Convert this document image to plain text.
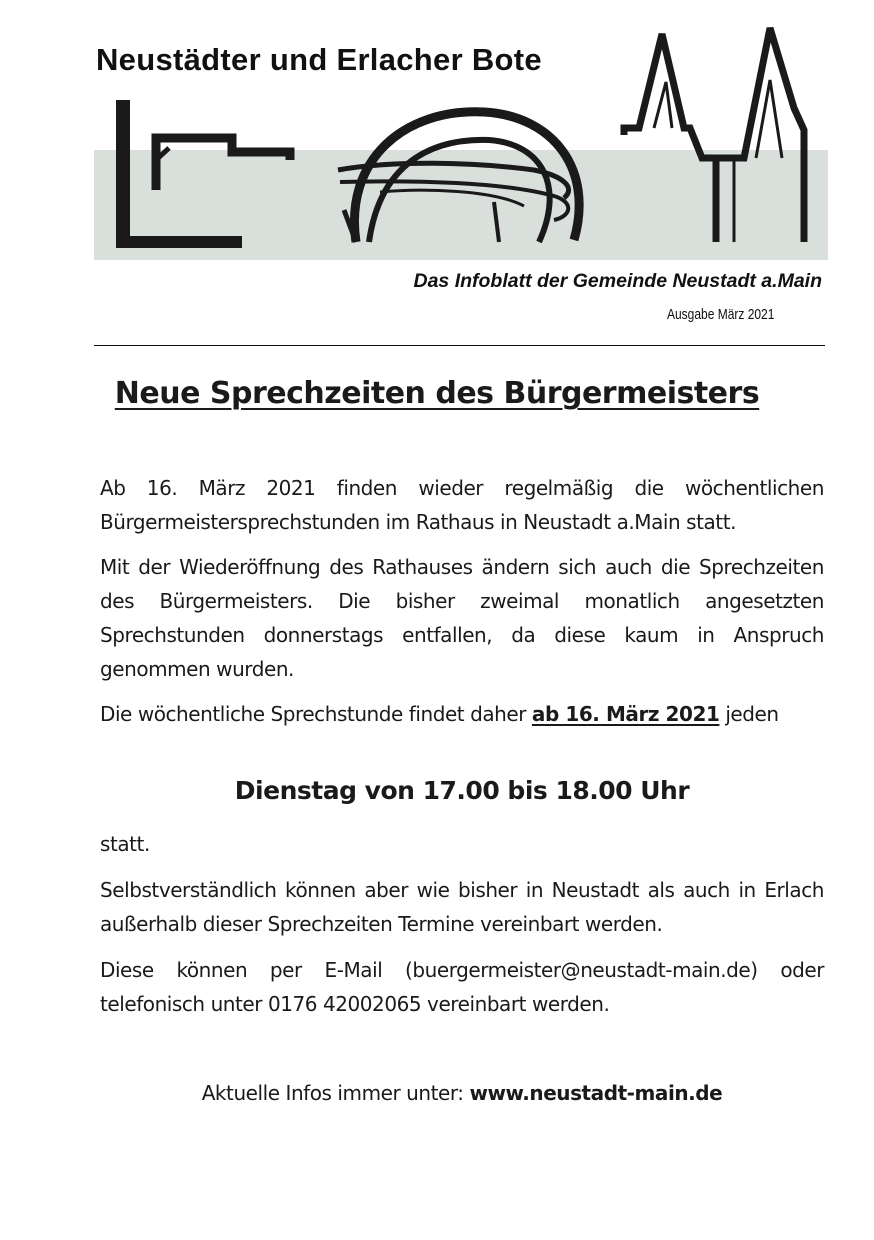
Neustädter und Erlacher Bote

Das Infoblatt der Gemeinde Neustadt a.Main

Ausgabe März 2021

Neue Sprechzeiten des Bürgermeisters

Ab 16. März 2021 finden wieder regelmäßig die wöchentlichen Bürgermeistersprechstunden im Rathaus in Neustadt a.Main statt.

Mit der Wiederöffnung des Rathauses ändern sich auch die Sprechzeiten des Bürgermeisters. Die bisher zweimal monatlich angesetzten Sprechstunden donnerstags entfallen, da diese kaum in Anspruch genommen wurden.

Die wöchentliche Sprechstunde findet daher ab 16. März 2021 jeden

Dienstag von 17.00 bis 18.00 Uhr

statt.

Selbstverständlich können aber wie bisher in Neustadt als auch in Erlach außerhalb dieser Sprechzeiten Termine vereinbart werden.

Diese können per E-Mail (buergermeister@neustadt-main.de) oder telefonisch unter 0176 42002065 vereinbart werden.

Aktuelle Infos immer unter: www.neustadt-main.de
